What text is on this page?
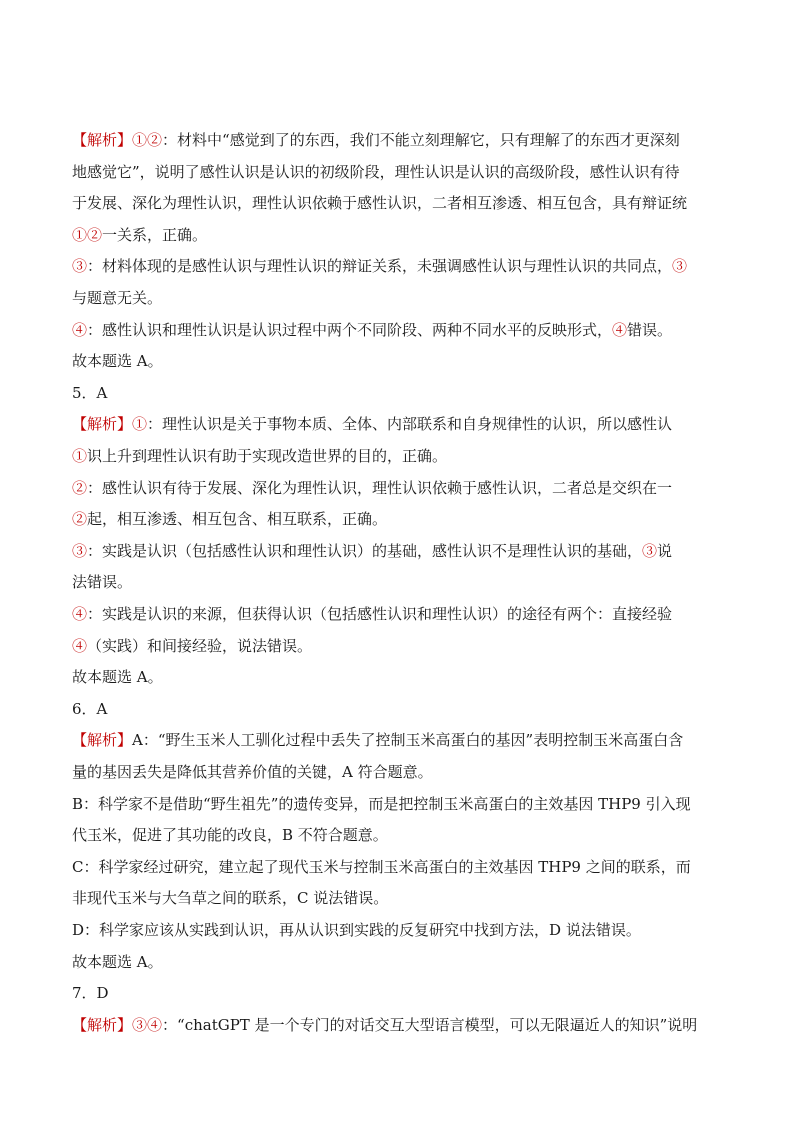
【解析】①②：材料中“感觉到了的东西，我们不能立刻理解它，只有理解了的东西才更深刻
地感觉它”，说明了感性认识是认识的初级阶段，理性认识是认识的高级阶段，感性认识有待
于发展、深化为理性认识，理性认识依赖于感性认识，二者相互渗透、相互包含，具有辩证统
①②一关系，正确。
③：材料体现的是感性认识与理性认识的辩证关系，未强调感性认识与理性认识的共同点，③
与题意无关。
④：感性认识和理性认识是认识过程中两个不同阶段、两种不同水平的反映形式，④错误。
故本题选 A。
5．A
【解析】①：理性认识是关于事物本质、全体、内部联系和自身规律性的认识，所以感性认
①识上升到理性认识有助于实现改造世界的目的，正确。
②：感性认识有待于发展、深化为理性认识，理性认识依赖于感性认识，二者总是交织在一
②起，相互渗透、相互包含、相互联系，正确。
③：实践是认识（包括感性认识和理性认识）的基础，感性认识不是理性认识的基础，③说
法错误。
④：实践是认识的来源，但获得认识（包括感性认识和理性认识）的途径有两个：直接经验
④（实践）和间接经验，说法错误。
故本题选 A。
6．A
【解析】A：“野生玉米人工驯化过程中丢失了控制玉米高蛋白的基因”表明控制玉米高蛋白含
量的基因丢失是降低其营养价值的关键，A 符合题意。
B：科学家不是借助“野生祖先”的遗传变异，而是把控制玉米高蛋白的主效基因 THP9 引入现
代玉米，促进了其功能的改良，B 不符合题意。
C：科学家经过研究，建立起了现代玉米与控制玉米高蛋白的主效基因 THP9 之间的联系，而
非现代玉米与大刍草之间的联系，C 说法错误。
D：科学家应该从实践到认识，再从认识到实践的反复研究中找到方法，D 说法错误。
故本题选 A。
7．D
【解析】③④：“chatGPT 是一个专门的对话交互大型语言模型，可以无限逼近人的知识”说明
